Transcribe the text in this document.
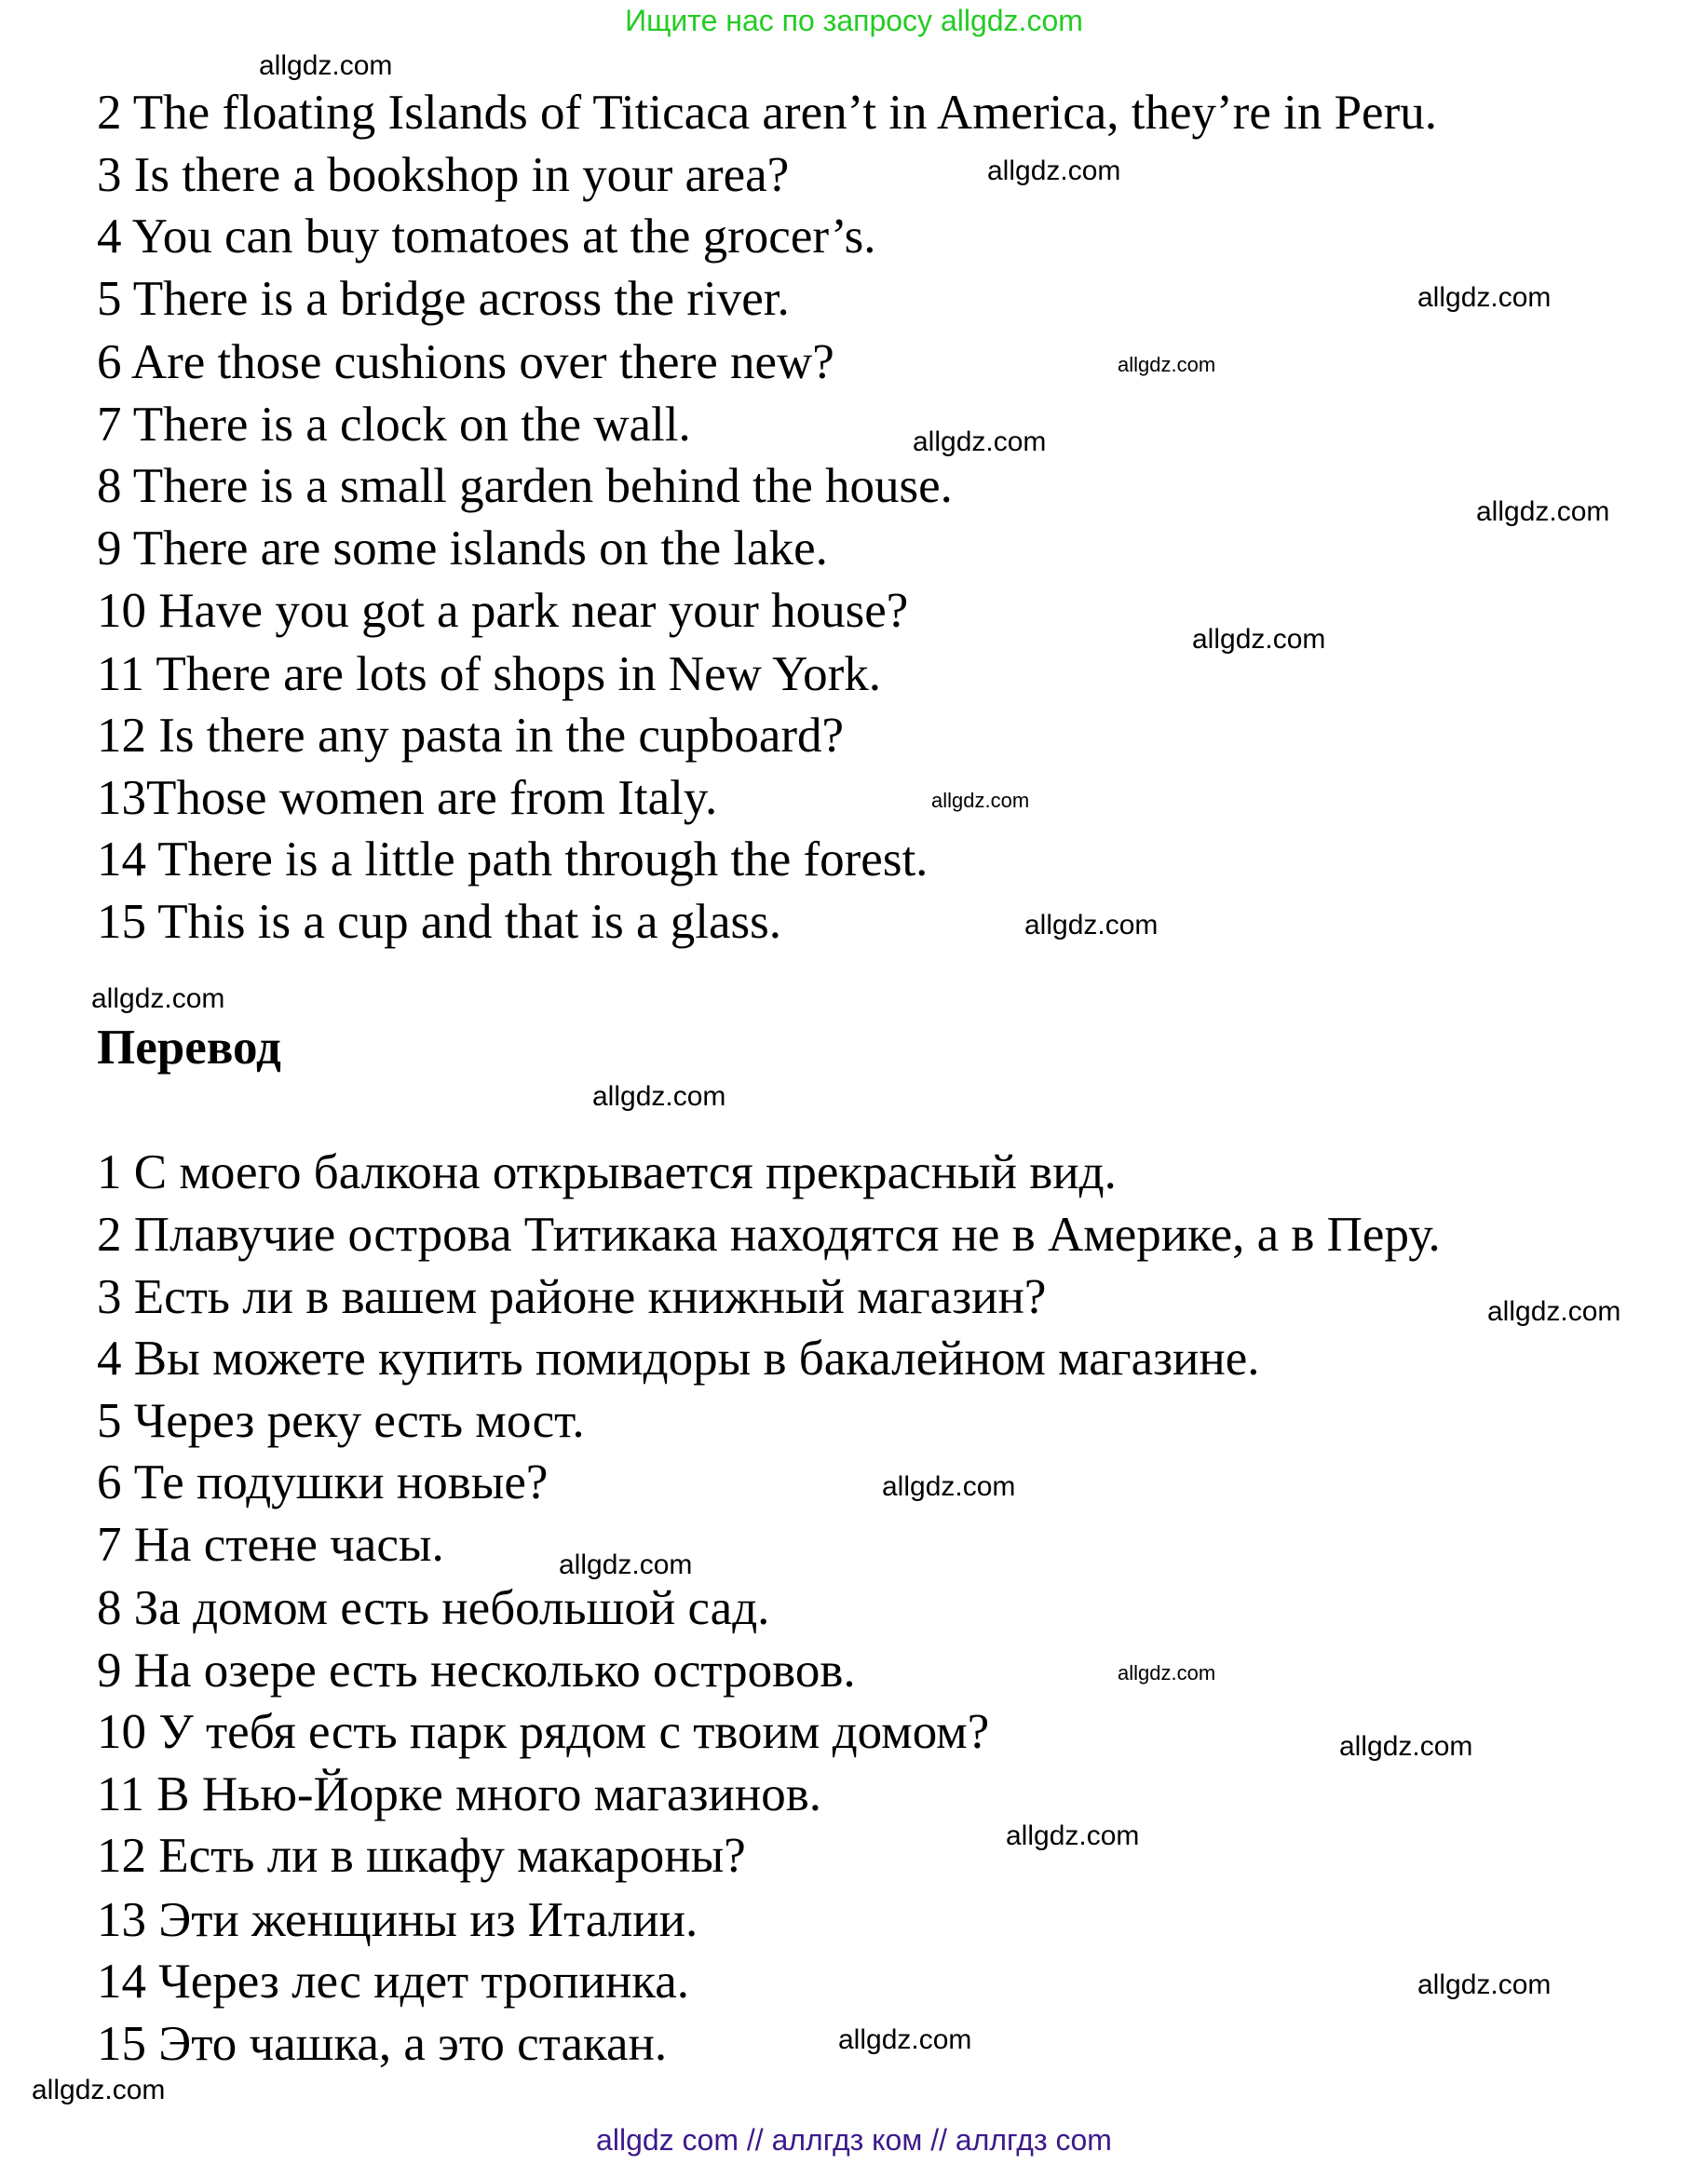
Ищите нас по запросу allgdz.com
2 The floating Islands of Titicaca aren’t in America, they’re in Peru.
3 Is there a bookshop in your area?
4 You can buy tomatoes at the grocer’s.
5 There is a bridge across the river.
6 Are those cushions over there new?
7 There is a clock on the wall.
8 There is a small garden behind the house.
9 There are some islands on the lake.
10 Have you got a park near your house?
11 There are lots of shops in New York.
12 Is there any pasta in the cupboard?
13Those women are from Italy.
14 There is a little path through the forest.
15 This is a cup and that is a glass.
Перевод
1 С моего балкона открывается прекрасный вид.
2 Плавучие острова Титикака находятся не в Америке, а в Перу.
3 Есть ли в вашем районе книжный магазин?
4 Вы можете купить помидоры в бакалейном магазине.
5 Через реку есть мост.
6 Те подушки новые?
7 На стене часы.
8 За домом есть небольшой сад.
9 На озере есть несколько островов.
10 У тебя есть парк рядом с твоим домом?
11 В Нью-Йорке много магазинов.
12 Есть ли в шкафу макароны?
13 Эти женщины из Италии.
14 Через лес идет тропинка.
15 Это чашка, а это стакан.
allgdz.com
allgdz.com
allgdz.com
allgdz.com
allgdz.com
allgdz.com
allgdz.com
allgdz.com
allgdz.com
allgdz.com
allgdz.com
allgdz.com
allgdz.com
allgdz.com
allgdz.com
allgdz.com
allgdz.com
allgdz.com
allgdz.com
allgdz.com
allgdz com // аллгдз ком // аллгдз com
